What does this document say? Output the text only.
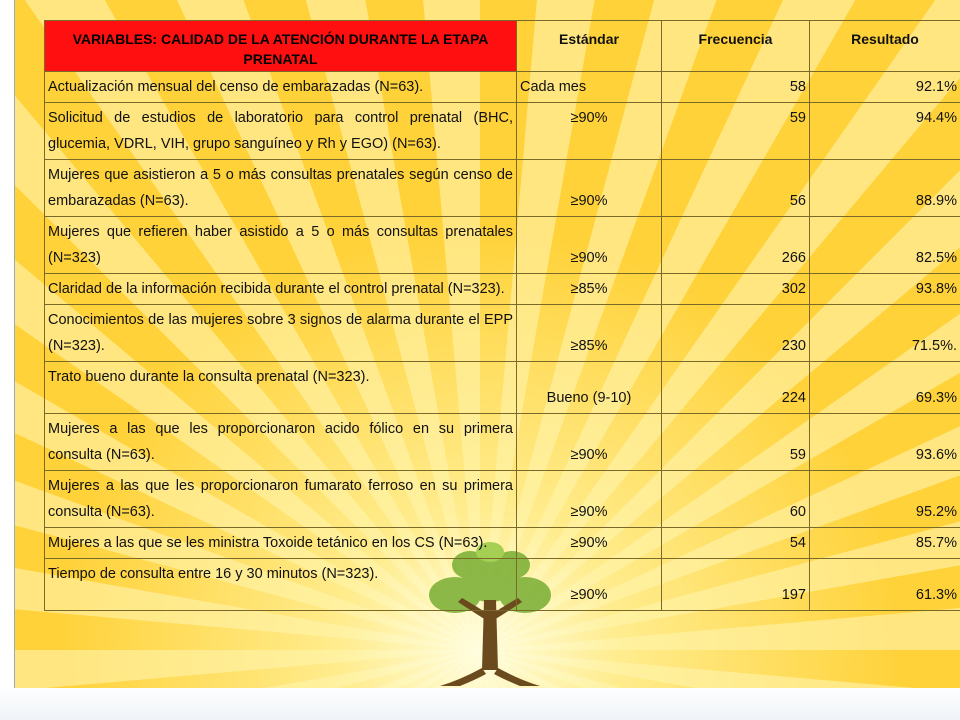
VARIABLES: CALIDAD DE LA ATENCIÓN DURANTE LA ETAPA PRENATAL	Estándar	Frecuencia	Resultado
Actualización mensual del censo de embarazadas (N=63).	Cada mes	58	92.1%
Solicitud de estudios de laboratorio para control prenatal (BHC, glucemia, VDRL, VIH, grupo sanguíneo y Rh y EGO) (N=63).	≥90%	59	94.4%
Mujeres que asistieron a 5 o más consultas prenatales según censo de embarazadas (N=63).	≥90%	56	88.9%
Mujeres que refieren haber asistido a 5 o más consultas prenatales (N=323)	≥90%	266	82.5%
Claridad de la información recibida durante el control prenatal (N=323).	≥85%	302	93.8%
Conocimientos de las mujeres sobre 3 signos de alarma durante el EPP (N=323).	≥85%	230	71.5%.
Trato bueno durante la consulta prenatal (N=323).	Bueno (9-10)	224	69.3%
Mujeres a las que les proporcionaron acido fólico en su primera consulta (N=63).	≥90%	59	93.6%
Mujeres a las que les proporcionaron fumarato ferroso en su primera consulta (N=63).	≥90%	60	95.2%
Mujeres a las que se les ministra Toxoide tetánico en los CS (N=63).	≥90%	54	85.7%
Tiempo de consulta entre 16 y 30 minutos (N=323).	≥90%	197	61.3%
